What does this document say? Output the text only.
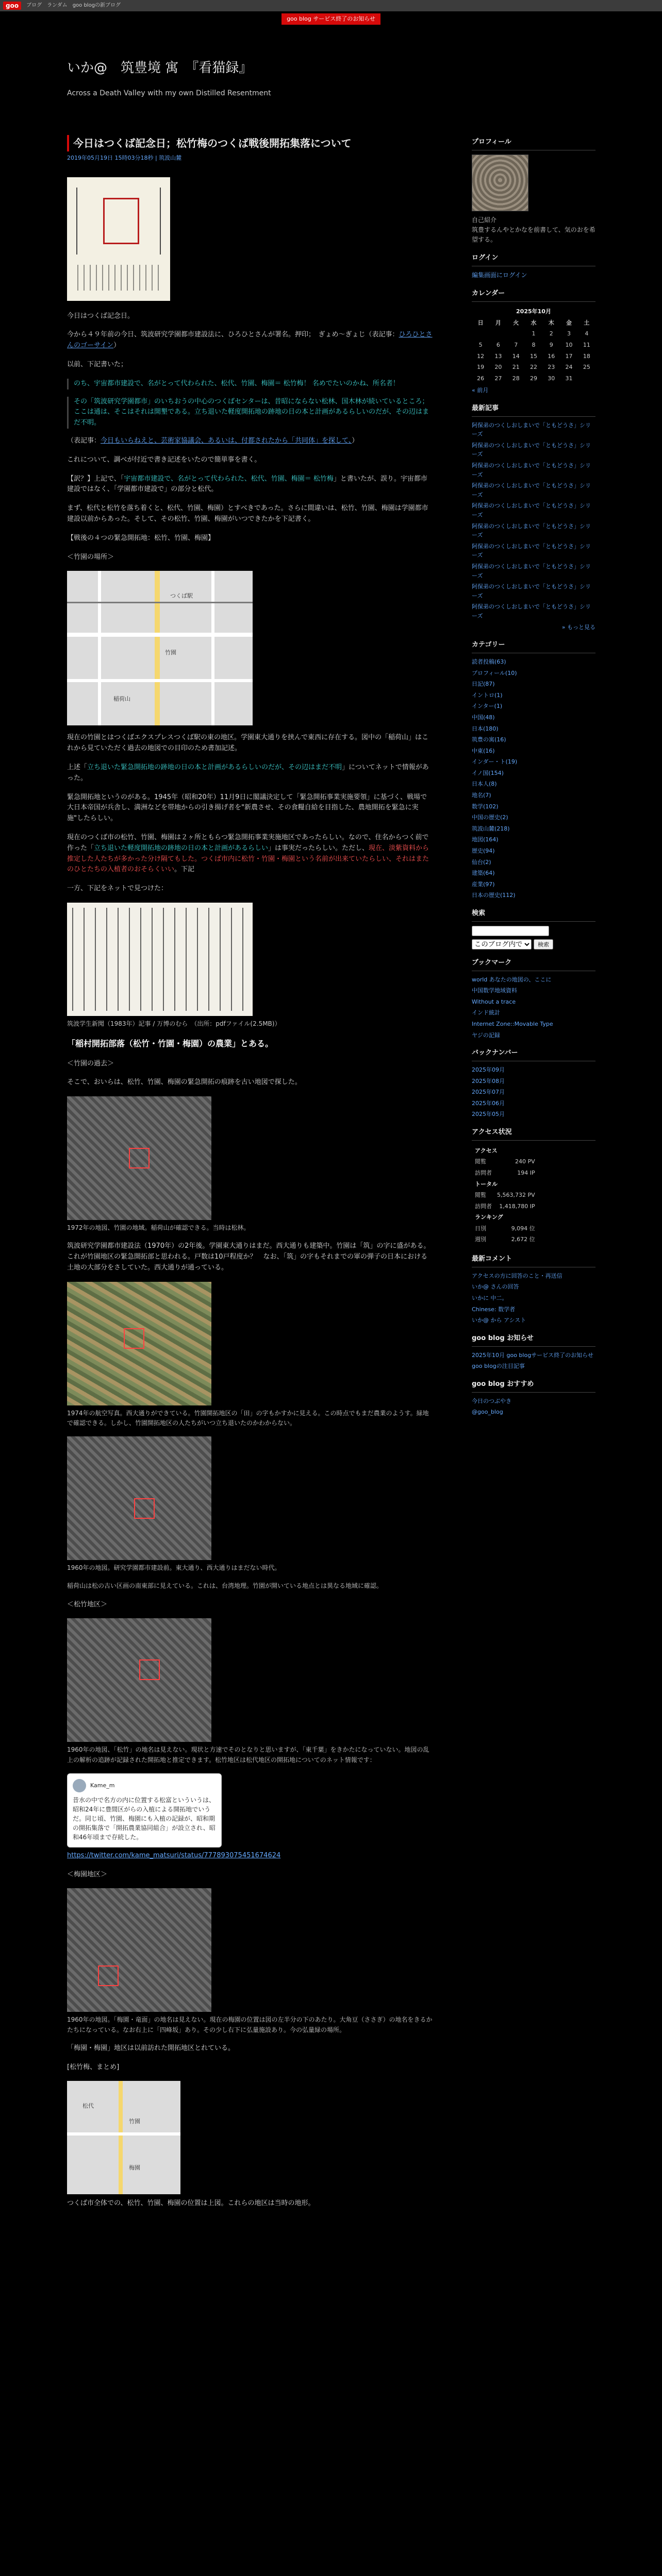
goo	ブログ ランダム goo blogの新ブログ
goo blog サービス終了のお知らせ
いか@　筑豊境 寓　『看猫録』
Across a Death Valley with my own Distilled Resentment
今日はつくば記念日；松竹梅のつくば戦後開拓集落について
2019年05月19日 15時03分18秒 | 筑波山麓

今日はつくば記念日。

今から４９年前の今日、筑波研究学園都市建設法に、ひろひとさんが署名。押印；　ぎょめ～ぎょじ（表記事：ひろひとさんのゴーサイン）

以前、下記書いた；

のち、宇宙都市建設で、名がとって代わられた、松代、竹園、梅園＝ 松竹梅！ 名めでたいのかね、所名者！
その「筑波研究学園都市」のいちおうの中心のつくばセンターは、昔昭にならない松林、国木林が続いているところ；ここは通は、そこはそれは開墾である。立ち退いた軽度開拓地の跡地の日の本と計画があるらしいのだが、その辺はまだ不明。

（表記事：今日もいらねえと、芸術家協議会、あるいは、付都されたから「共同体」を探して、）

これについて、調べが付近で書き記述をいたので簡単事を書く。

【訳？】上記で、「宇宙都市建設で、名がとって代わられた、松代、竹園、梅園＝ 松竹梅」と書いたが、誤り。宇宙都市建設ではなく、「学園都市建設で」の部分と松代。

まず、松代と松竹を落ち着くと、松代、竹園、梅園）とすべきであった。さらに間違いは、松竹、竹園、梅園は学園都市建設以前からあった。そして、その松竹、竹園、梅園がいつできたかを下記書く。

【戦後の４つの緊急開拓地：松竹、竹園、梅園】

＜竹園の場所＞

竹園
稲荷山
つくば駅

現在の竹園とはつくばエクスプレスつくば駅の東の地区。学園東大通りを挟んで東西に存在する。図中の「稲荷山」はこれから見ていただく過去の地図での目印のため書加記述。

上述「立ち退いた緊急開拓地の跡地の日の本と計画があるらしいのだが、その辺はまだ不明」についてネットで情報があった。

緊急開拓地というのがある。1945年（昭和20年）11月9日に閣議決定して「緊急開拓事業実施要領」に基づく、戦場で大日本帝国が兵舎し、満洲などを帯地からの引き揚げ者を"新農させ、その食糧自給を目指した、農地開拓を緊急に実施"したらしい。

現在のつくば市の松竹、竹園、梅園は２ヶ所ともらつ緊急開拓事業実施地区であったらしい。なので、住名からつく前で作った「立ち退いた軽度開拓地の跡地の日の本と計画があるらしい」は事実だったらしい。ただし、現在、淡紫資料から推定した人たちが多かった分け隔てもした。つくば市内に松竹・竹園・梅園という名前が出来ていたらしい、それはまたのひとたちの入植者のおそらくいい。下記

一方、下記をネットで見つけた：

筑波学生新聞（1983年）記事 / 万博のむら　（出所：pdfファイル(2.5MB)）
「稲村開拓部落（松竹・竹園・梅園）の農業」とある。

＜竹園の過去＞

そこで、おいらは、松竹、竹園、梅園の緊急開拓の痕跡を古い地図で探した。

1972年の地図、竹園の地域。稲荷山が確認できる。当時は松林。

筑波研究学園都市建設法（1970年）の2年後。学園東大通りはまだ。西大通りも建築中。竹園は「筑」の字に盛がある。これが竹園地区の緊急開拓部と思われる。戸数は10戸程度か？　なお、「筑」の字もそれまでの軍の弾子の日本における土地の大部分をさしていた。西大通りが通っている。

1974年の航空写真。西大通りができている。竹園開拓地区の「田」の字もかすかに見える。この時点でもまだ農業のようす。緑地で確認できる。しかし、竹園開拓地区の人たちがいつ立ち退いたのかわからない。
1960年の地図。研究学園都市建設前。東大通り、西大通りはまだない時代。
稲荷山は松の古い区画の南東部に見えている。これは、台湾地理。竹園が開いている地点とは異なる地域に確認。

＜松竹地区＞

1960年の地図、「松竹」の地名は見えない。現状と方速でそのとなりと思いますが、「東千葉」をきかたになっていない。地図の乱上の解析の追跡が記録された開拓地と推定できます。松竹地区は松代地区の開拓地についてのネット情報です：
Kame_m
昔水の中で名方の内に位置する松富といういうは、昭和24年に豊間区がらの入植による開拓地でいうだ。同じ頃、竹園、梅園にも入植の記録が、昭和期の開拓集落で「開拓農業協同組合」が設立され、昭和46年頃まで存続した。

https://twitter.com/kame_matsuri/status/777893075451674624

＜梅園地区＞

1960年の地図。「梅園・竜面」の地名は見えない。現在の梅園の位置は図の左半分の下のあたり。大角豆（ささぎ）の地名をきるかたちになっている。なお右上に「四峰坂」あり。その少し右下に弘量施設あり。今の弘量緑の場所。

「梅園・梅園」地区は以前訪れた開拓地区とれている。

[松竹梅、まとめ]

松代
竹園
梅園

つくば市全体での、松竹、竹園、梅園の位置は上図。これらの地区は当時の地形。

プロフィール
自己紹介
筑豊するんやとかなを前書して、気のおを希望する。
ログイン
編集画面にログイン
カレンダー
2025年10月						
日	月	火	水	木	金	土
			1	2	3	4
5	6	7	8	9	10	11
12	13	14	15	16	17	18
19	20	21	22	23	24	25
26	27	28	29	30	31	
« 前月
最新記事
阿保弟のつくしおしまいで「ともどうさ」シリーズ
阿保弟のつくしおしまいで「ともどうさ」シリーズ
阿保弟のつくしおしまいで「ともどうさ」シリーズ
阿保弟のつくしおしまいで「ともどうさ」シリーズ
阿保弟のつくしおしまいで「ともどうさ」シリーズ
阿保弟のつくしおしまいで「ともどうさ」シリーズ
阿保弟のつくしおしまいで「ともどうさ」シリーズ
阿保弟のつくしおしまいで「ともどうさ」シリーズ
阿保弟のつくしおしまいで「ともどうさ」シリーズ
阿保弟のつくしおしまいで「ともどうさ」シリーズ
» もっと見る
カテゴリー
読者投稿(63)
プロフィール(10)
日記(87)
イントロ(1)
インター(1)
中国(48)
日本(180)
筑豊の寓(16)
中東(16)
インダー・ト(19)
イノ国(154)
日本人(8)
地名(7)
数学(102)
中国の歴史(2)
筑波山麓(218)
地図(164)
歴史(94)
仙台(2)
建築(64)
産業(97)
日本の歴史(112)
検索
このブログ内で
検索
ブックマーク
world あなたの地図の、ここに
中国数学地域資料
Without a trace
インド統計
Internet Zone::Movable Type
ヤジの記録
バックナンバー
2025年09月
2025年08月
2025年07月
2025年06月
2025年05月
アクセス状況
アクセス	
閲覧	240 PV
訪問者	194 IP
トータル	
閲覧	5,563,732 PV
訪問者	1,418,780 IP
ランキング	
日別	9,094 位
週別	2,672 位
最新コメント
アクセスの方に回答のこと・再送信
いか@ さんの回答
いかに 中二。
Chinese: 数学者
いか@ から アシスト
goo blog お知らせ
2025年10月 goo blogサービス終了のお知らせ
goo blogの注目記事
goo blog おすすめ
今日のつぶやき
@goo_blog
